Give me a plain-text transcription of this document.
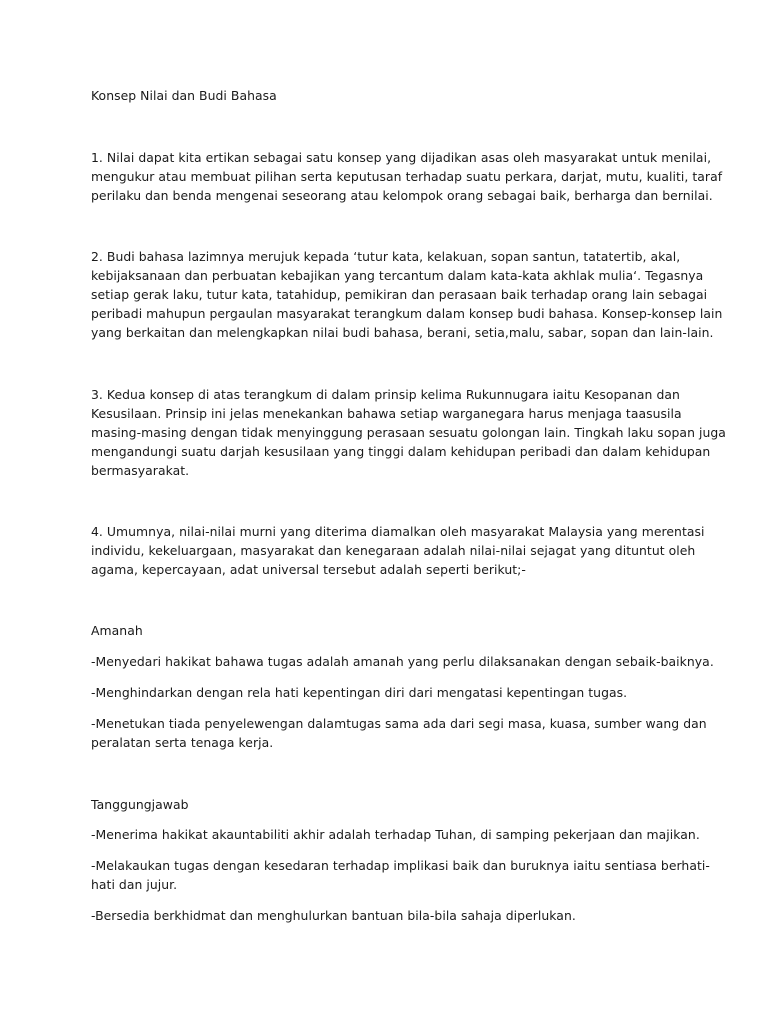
Konsep Nilai dan Budi Bahasa
1. Nilai dapat kita ertikan sebagai satu konsep yang dijadikan asas oleh masyarakat untuk menilai,
mengukur atau membuat pilihan serta keputusan terhadap suatu perkara, darjat, mutu, kualiti, taraf
perilaku dan benda mengenai seseorang atau kelompok orang sebagai baik, berharga dan bernilai.
2. Budi bahasa lazimnya merujuk kepada ‘tutur kata, kelakuan, sopan santun, tatatertib, akal,
kebijaksanaan dan perbuatan kebajikan yang tercantum dalam kata-kata akhlak mulia‘. Tegasnya
setiap gerak laku, tutur kata, tatahidup, pemikiran dan perasaan baik terhadap orang lain sebagai
peribadi mahupun pergaulan masyarakat terangkum dalam konsep budi bahasa. Konsep-konsep lain
yang berkaitan dan melengkapkan nilai budi bahasa, berani, setia,malu, sabar, sopan dan lain-lain.
3. Kedua konsep di atas terangkum di dalam prinsip kelima Rukunnugara iaitu Kesopanan dan
Kesusilaan. Prinsip ini jelas menekankan bahawa setiap warganegara harus menjaga taasusila
masing-masing dengan tidak menyinggung perasaan sesuatu golongan lain. Tingkah laku sopan juga
mengandungi suatu darjah kesusilaan yang tinggi dalam kehidupan peribadi dan dalam kehidupan
bermasyarakat.
4. Umumnya, nilai-nilai murni yang diterima diamalkan oleh masyarakat Malaysia yang merentasi
individu, kekeluargaan, masyarakat dan kenegaraan adalah nilai-nilai sejagat yang dituntut oleh
agama, kepercayaan, adat universal tersebut adalah seperti berikut;-
Amanah
-Menyedari hakikat bahawa tugas adalah amanah yang perlu dilaksanakan dengan sebaik-baiknya.
-Menghindarkan dengan rela hati kepentingan diri dari mengatasi kepentingan tugas.
-Menetukan tiada penyelewengan dalamtugas sama ada dari segi masa, kuasa, sumber wang dan
peralatan serta tenaga kerja.
Tanggungjawab
-Menerima hakikat akauntabiliti akhir adalah terhadap Tuhan, di samping pekerjaan dan majikan.
-Melakaukan tugas dengan kesedaran terhadap implikasi baik dan buruknya iaitu sentiasa berhati-
hati dan jujur.
-Bersedia berkhidmat dan menghulurkan bantuan bila-bila sahaja diperlukan.
